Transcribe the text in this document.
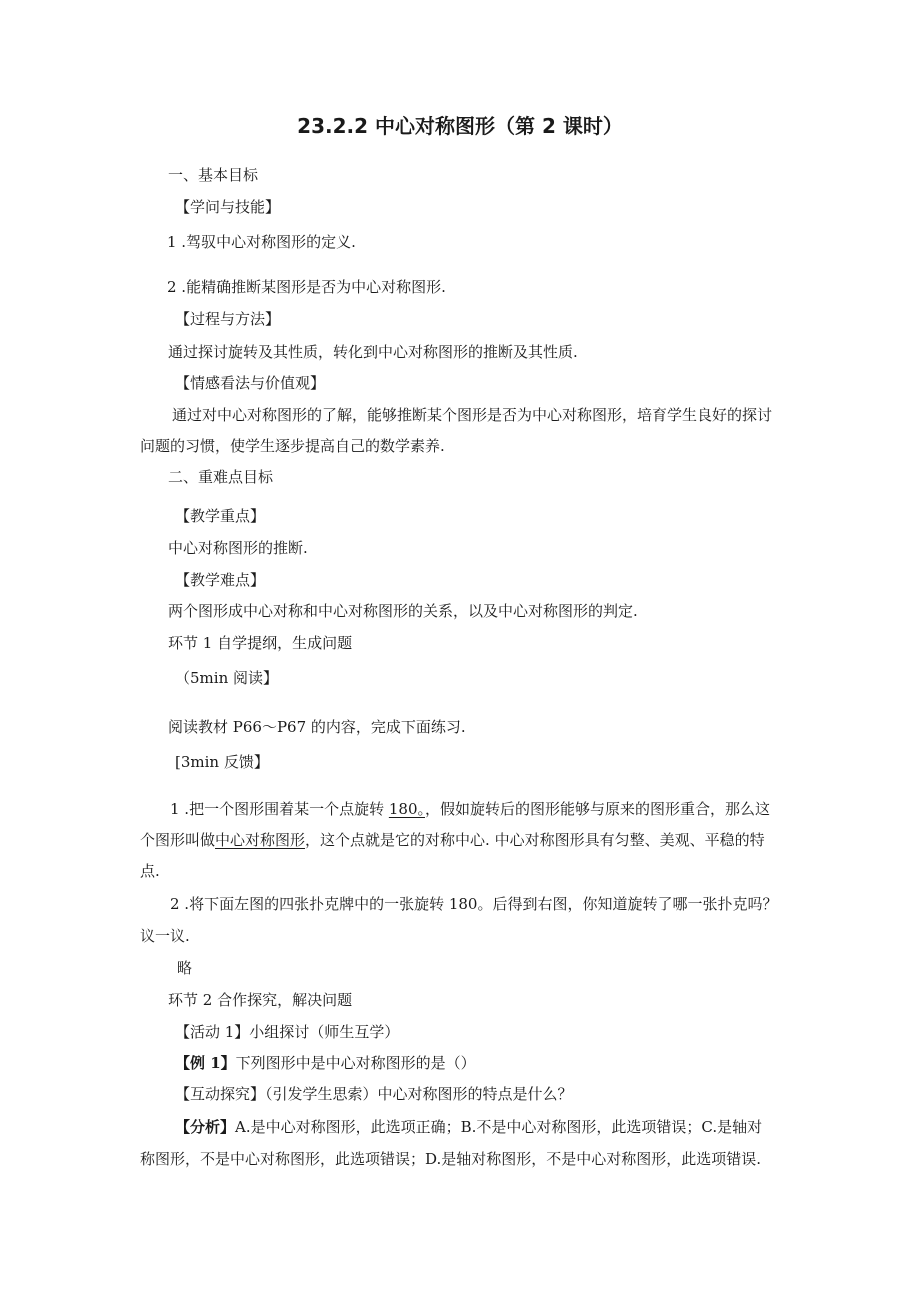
23.2.2 中心对称图形（第 2 课时）
一、基本目标
【学问与技能】
1 .驾驭中心对称图形的定义.
2 .能精确推断某图形是否为中心对称图形.
【过程与方法】
通过探讨旋转及其性质，转化到中心对称图形的推断及其性质.
【情感看法与价值观】
通过对中心对称图形的了解，能够推断某个图形是否为中心对称图形，培育学生良好的探讨
问题的习惯，使学生逐步提高自己的数学素养.
二、重难点目标
【教学重点】
中心对称图形的推断.
【教学难点】
两个图形成中心对称和中心对称图形的关系，以及中心对称图形的判定.
环节 1 自学提纲，生成问题
（5min 阅读】
阅读教材 P66～P67 的内容，完成下面练习.
[3min 反馈】
1 .把一个图形围着某一个点旋转 180。，假如旋转后的图形能够与原来的图形重合，那么这
个图形叫做中心对称图形，这个点就是它的对称中心. 中心对称图形具有匀整、美观、平稳的特
点.
2 .将下面左图的四张扑克牌中的一张旋转 180。后得到右图，你知道旋转了哪一张扑克吗？
议一议.
略
环节 2 合作探究，解决问题
【活动 1】小组探讨（师生互学）
【例 1】下列图形中是中心对称图形的是（）
【互动探究】（引发学生思索）中心对称图形的特点是什么？
【分析】A.是中心对称图形，此选项正确；B.不是中心对称图形，此选项错误；C.是轴对
称图形，不是中心对称图形，此选项错误；D.是轴对称图形，不是中心对称图形，此选项错误.
